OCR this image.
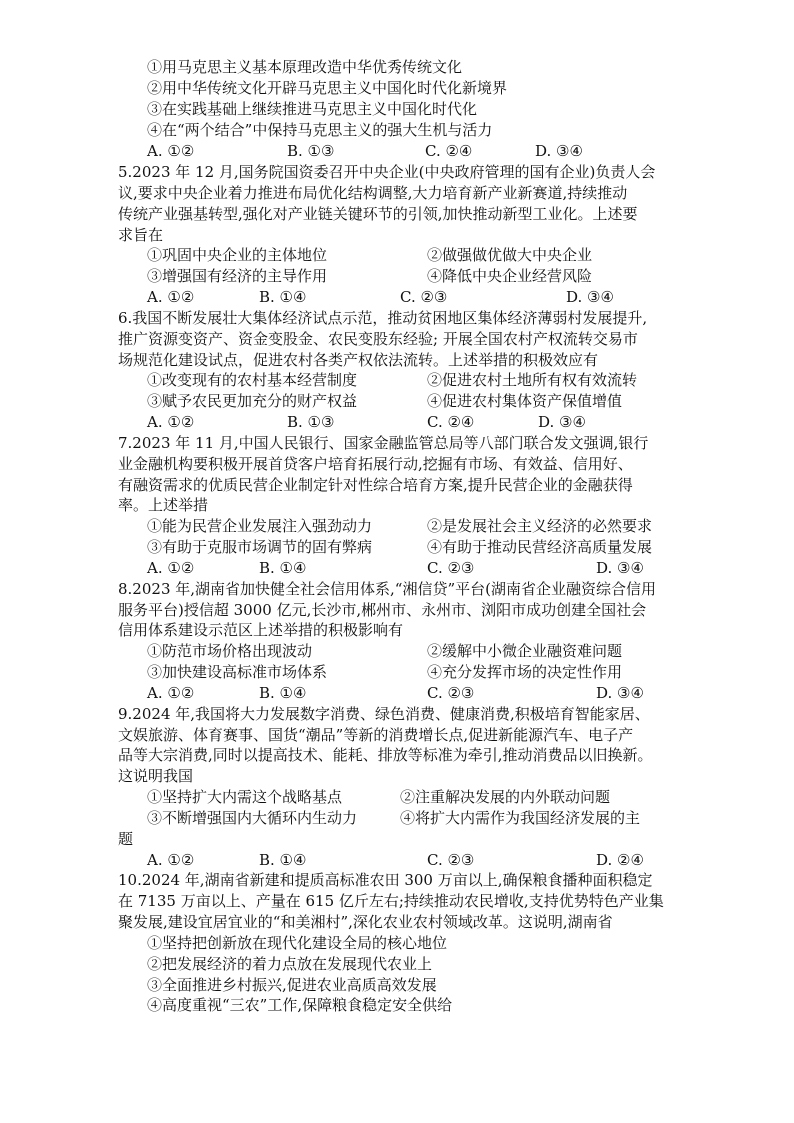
①用马克思主义基本原理改造中华优秀传统文化
②用中华传统文化开辟马克思主义中国化时代化新境界
③在实践基础上继续推进马克思主义中国化时代化
④在“两个结合”中保持马克思主义的强大生机与活力
A. ①②	B. ①③	C. ②④	D. ③④
5.2023 年 12 月,国务院国资委召开中央企业(中央政府管理的国有企业)负责人会
议,要求中央企业着力推进布局优化结构调整,大力培育新产业新赛道,持续推动
传统产业强基转型,强化对产业链关键环节的引领,加快推动新型工业化。上述要
求旨在
①巩固中央企业的主体地位	②做强做优做大中央企业
③增强国有经济的主导作用	④降低中央企业经营风险
A. ①②	B. ①④	C. ②③	D. ③④
6.我国不断发展壮大集体经济试点示范，推动贫困地区集体经济薄弱村发展提升,
推广资源变资产、资金变股金、农民变股东经验; 开展全国农村产权流转交易市
场规范化建设试点，促进农村各类产权依法流转。上述举措的积极效应有
①改变现有的农村基本经营制度	②促进农村土地所有权有效流转
③赋予农民更加充分的财产权益	④促进农村集体资产保值增值
A. ①②	B. ①③	C. ②④	D. ③④
7.2023 年 11 月,中国人民银行、国家金融监管总局等八部门联合发文强调,银行
业金融机构要积极开展首贷客户培育拓展行动,挖掘有市场、有效益、信用好、
有融资需求的优质民营企业制定针对性综合培育方案,提升民营企业的金融获得
率。上述举措
①能为民营企业发展注入强劲动力	②是发展社会主义经济的必然要求
③有助于克服市场调节的固有弊病	④有助于推动民营经济高质量发展
A. ①②	B. ①④	C. ②③	D. ③④
8.2023 年,湖南省加快健全社会信用体系,“湘信贷”平台(湖南省企业融资综合信用
服务平台)授信超 3000 亿元,长沙市,郴州市、永州市、浏阳市成功创建全国社会
信用体系建设示范区上述举措的积极影响有
①防范市场价格出现波动	②缓解中小微企业融资难问题
③加快建设高标准市场体系	④充分发挥市场的决定性作用
A. ①②	B. ①④	C. ②③	D. ③④
9.2024 年,我国将大力发展数字消费、绿色消费、健康消费,积极培育智能家居、
文娱旅游、体育赛事、国货“潮品”等新的消费增长点,促进新能源汽车、电子产
品等大宗消费,同时以提高技术、能耗、排放等标准为牵引,推动消费品以旧换新。
这说明我国
①坚持扩大内需这个战略基点	②注重解决发展的内外联动问题
③不断增强国内大循环内生动力	④将扩大内需作为我国经济发展的主
题
A. ①②	B. ①④	C. ②③	D. ②④
10.2024 年,湖南省新建和提质高标准农田 300 万亩以上,确保粮食播种面积稳定
在 7135 万亩以上、产量在 615 亿斤左右;持续推动农民增收,支持优势特色产业集
聚发展,建设宜居宜业的“和美湘村”,深化农业农村领域改革。这说明,湖南省
①坚持把创新放在现代化建设全局的核心地位
②把发展经济的着力点放在发展现代农业上
③全面推进乡村振兴,促进农业高质高效发展
④高度重视“三农”工作,保障粮食稳定安全供给
